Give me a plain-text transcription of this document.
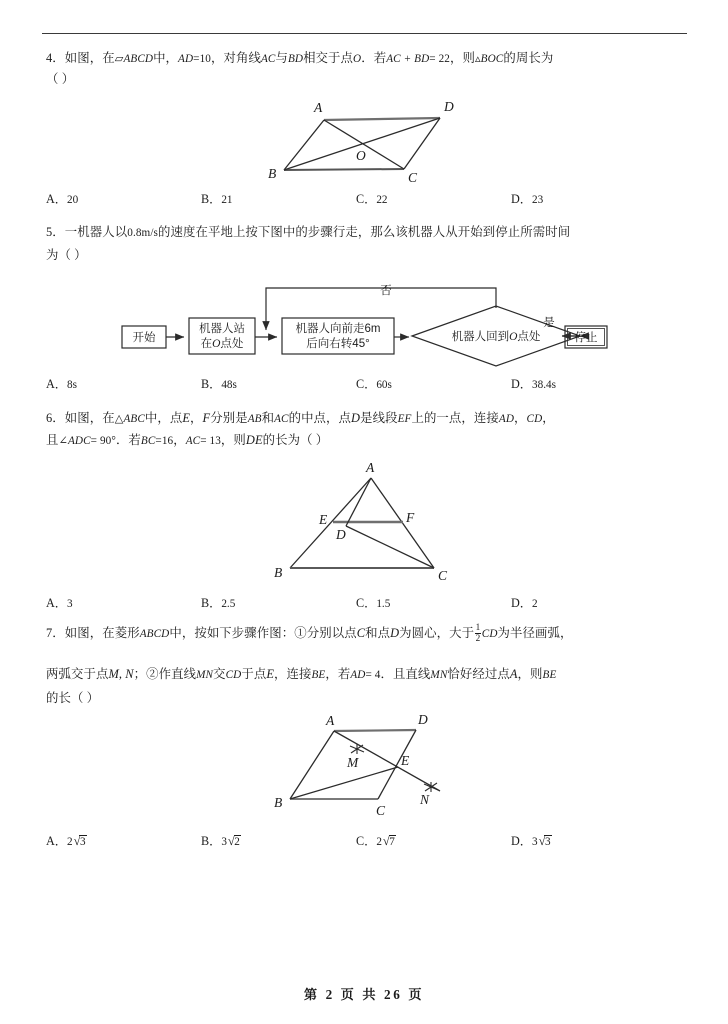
4．如图，在▱ABCD中，AD=10，对角线AC与BD相交于点O．若AC + BD= 22，则▵BOC的周长为
（ ）
A	D
B	C
O
A．20	B．21	C．22	D．23
5．一机器人以0.8m/s的速度在平地上按下图中的步骤行走，那么该机器人从开始到停止所需时间
为（ ）
开始
机器人站
在O点处
机器人向前走6m
后向右转45°
机器人回到O点处	停止
否
是
A．8s	B．48s	C．60s	D．38.4s
6．如图，在△ABC中，点E，F分别是AB和AC的中点，点D是线段EF上的一点，连接AD，CD，
且∠ADC= 90°．若BC=16，AC= 13，则DE的长为（ ）
A
E	F
D
B	C
A．3	B．2.5	C．1.5	D．2
7．如图，在菱形ABCD中，按如下步骤作图：①分别以点C和点D为圆心，大于 $\frac{1}{2}$ CD为半径画弧，
两弧交于点M, N；②作直线MN交CD于点E，连接BE，若AD= 4．且直线MN恰好经过点A，则BE
的长（ ）
A	D
B
C
E
M
N
A．2√3	B．3√2	C．2√7	D．3√3
第 2 页 共 26 页
